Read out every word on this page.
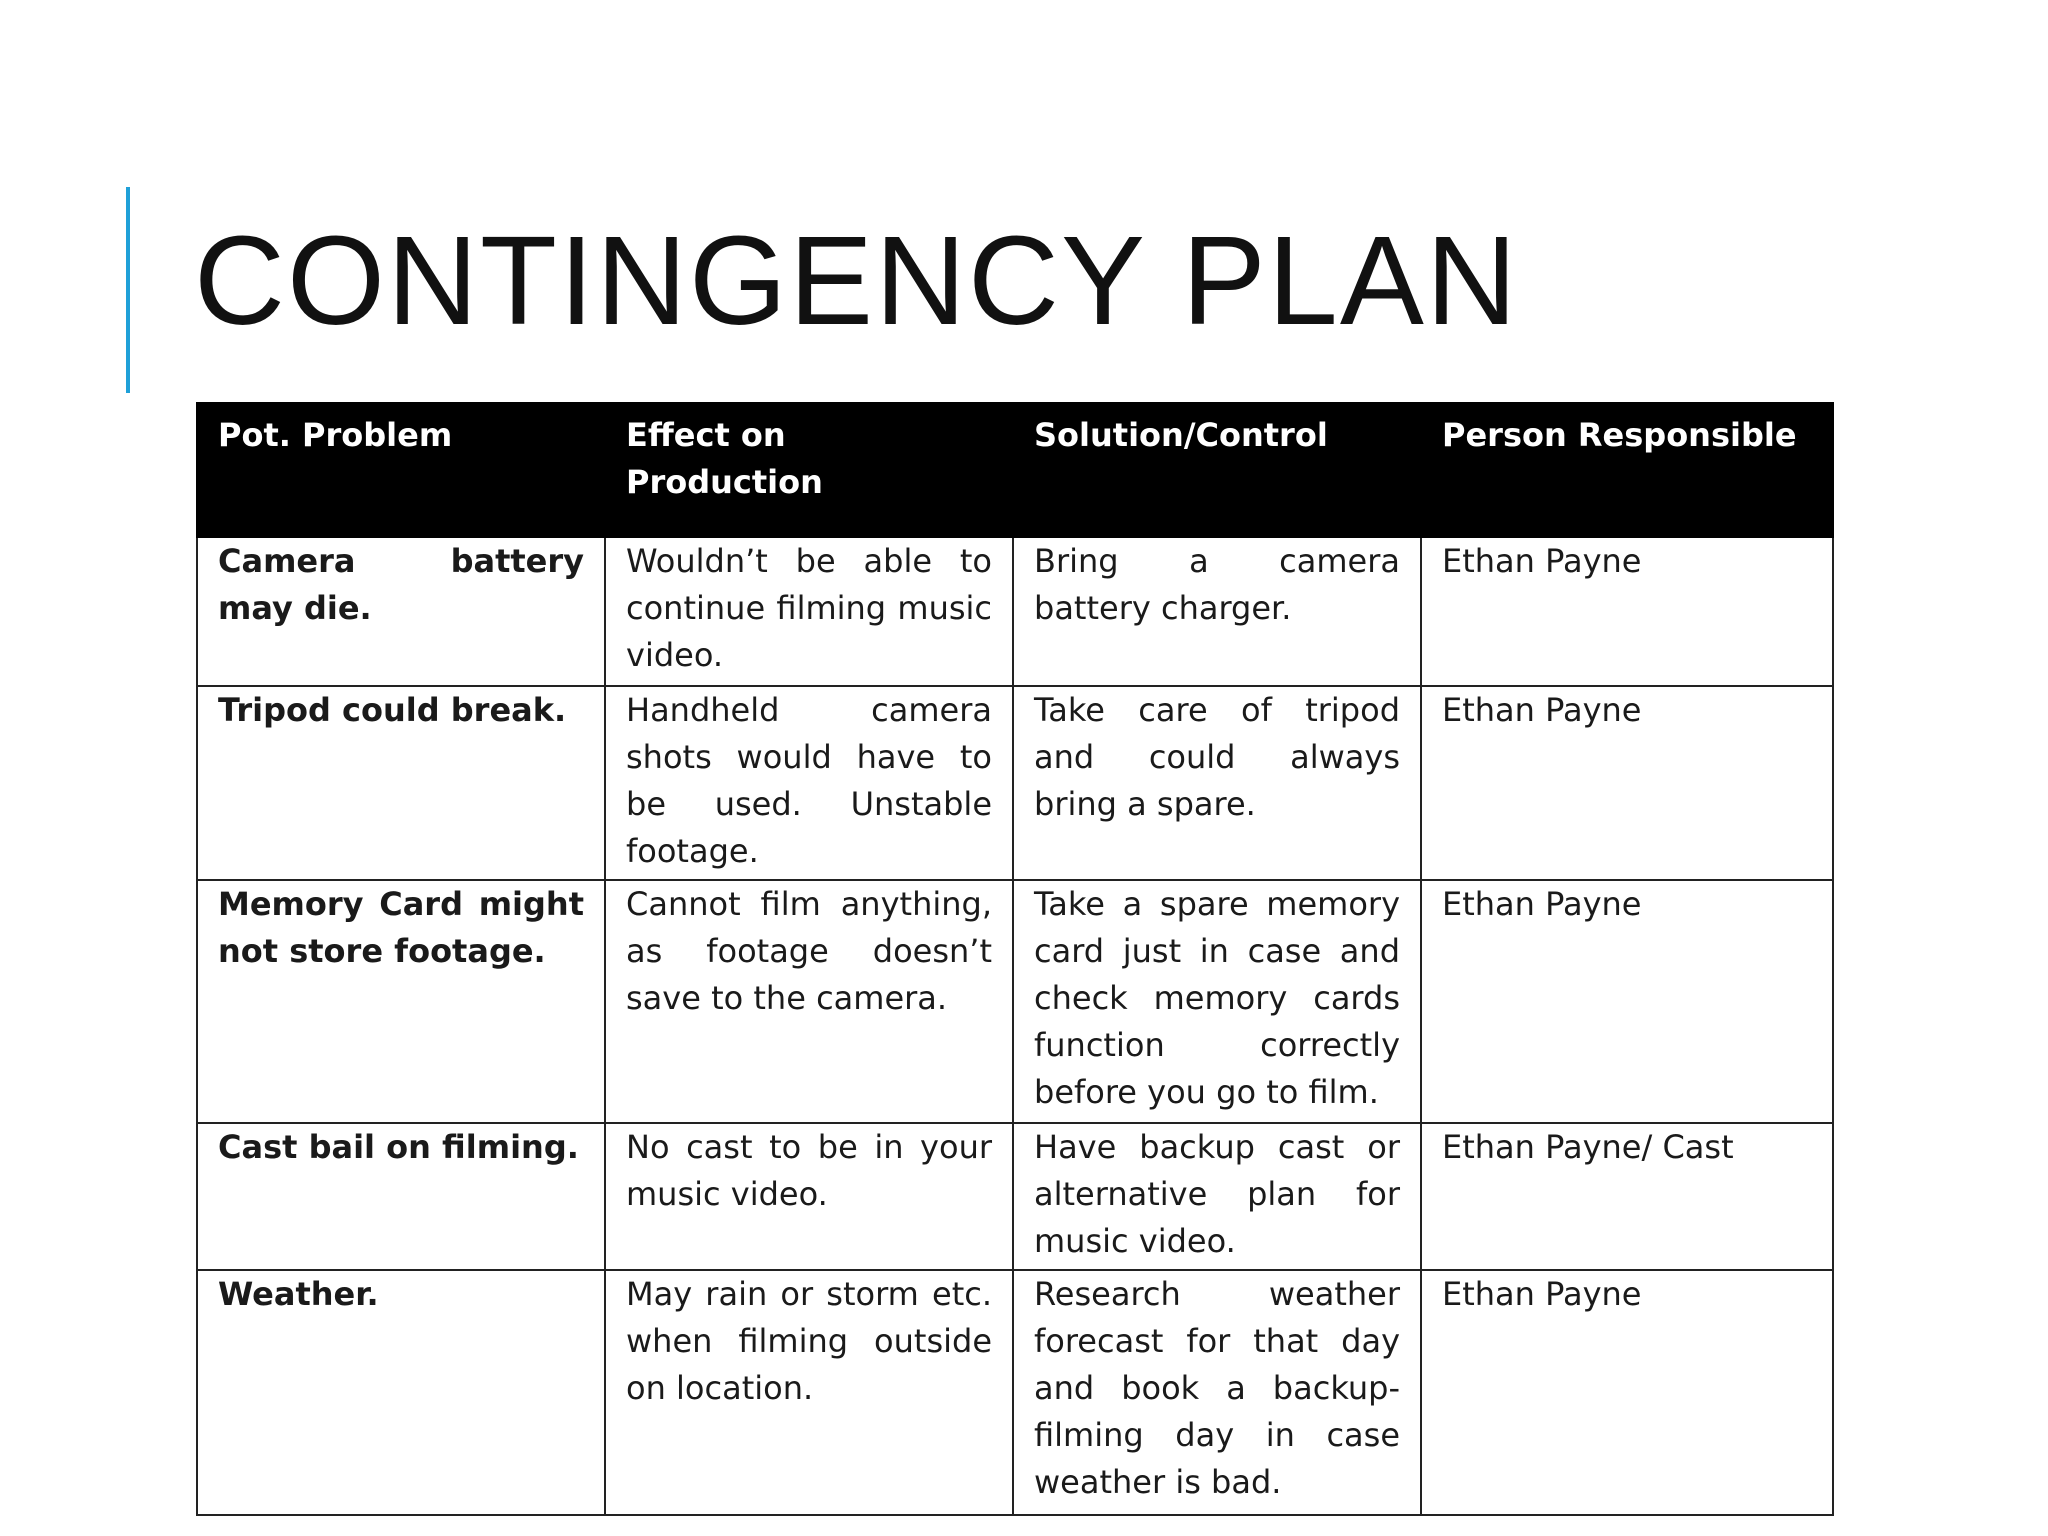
CONTINGENCY PLAN
Pot. Problem	Effect on Production	Solution/Control	Person Responsible
Camera battery may die.	Wouldn’t be able to continue filming music video.	Bring a camera battery charger.	Ethan Payne
Tripod could break.	Handheld camera shots would have to be used. Unstable footage.	Take care of tripod and could always bring a spare.	Ethan Payne
Memory Card might not store footage.	Cannot film anything, as footage doesn’t save to the camera.	Take a spare memory card just in case and check memory cards function correctly before you go to film.	Ethan Payne
Cast bail on filming.	No cast to be in your music video.	Have backup cast or alternative plan for music video.	Ethan Payne/ Cast
Weather.	May rain or storm etc. when filming outside on location.	Research weather forecast for that day and book a backup-filming day in case weather is bad.	Ethan Payne
